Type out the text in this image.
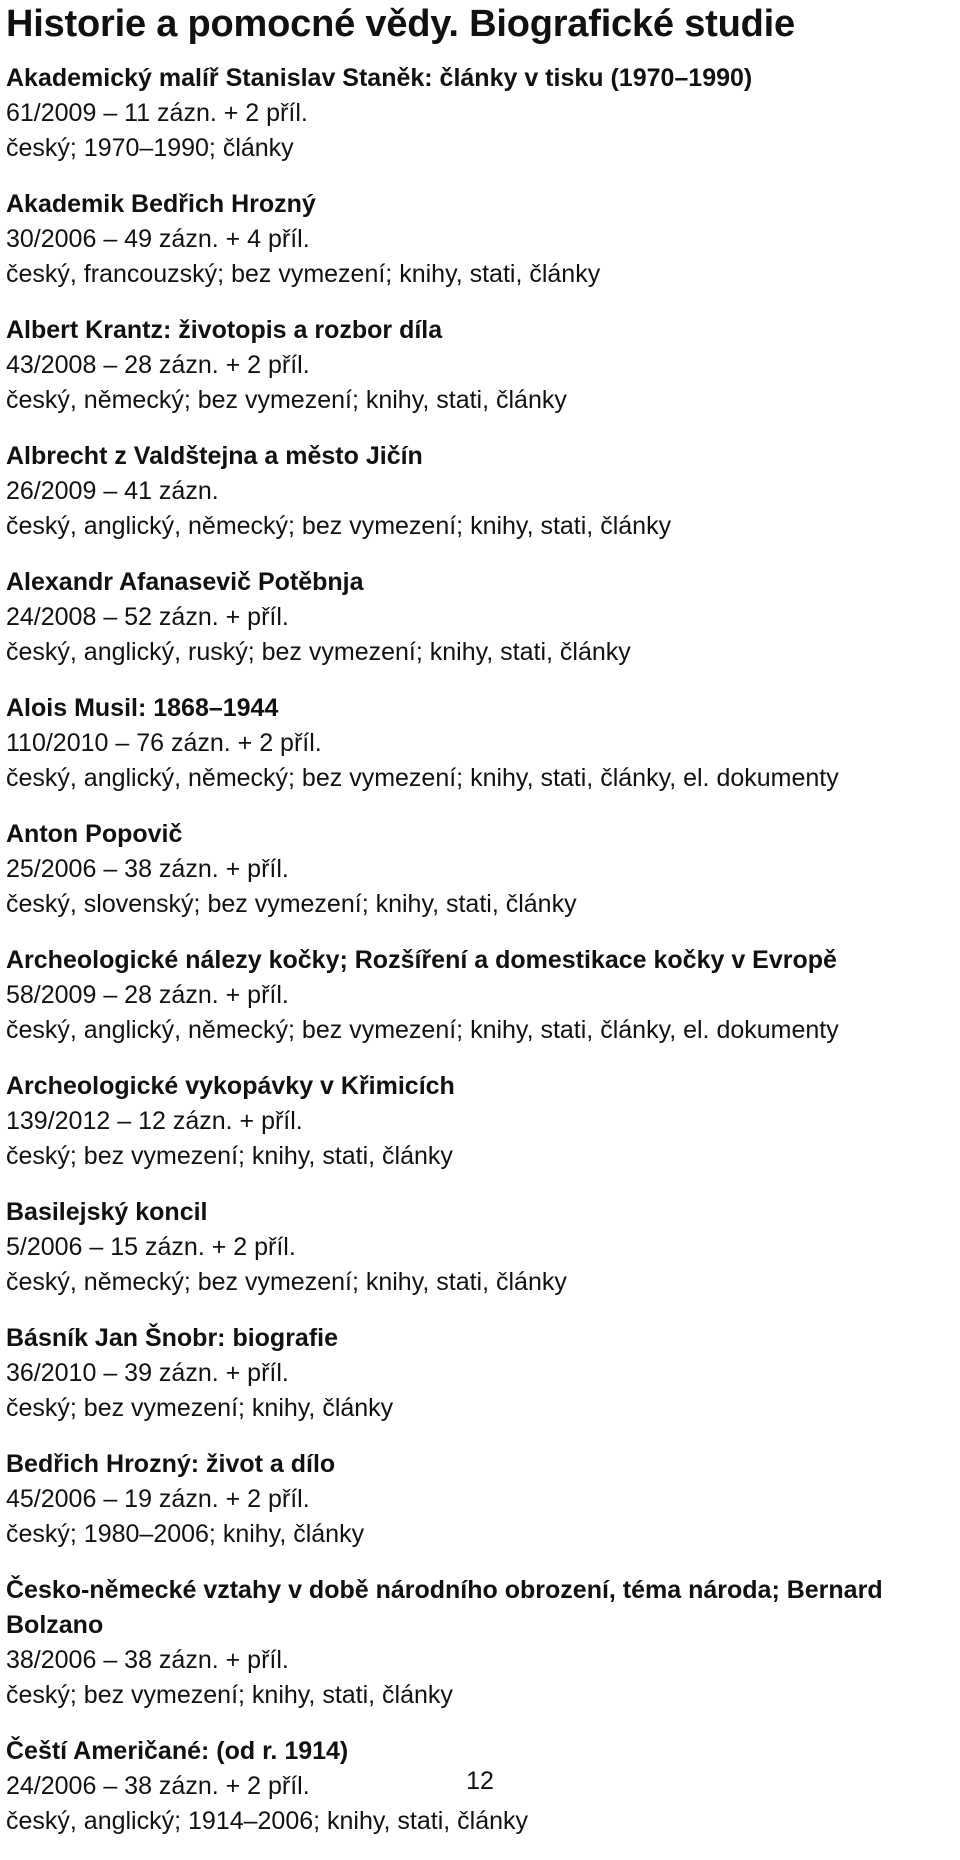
Historie a pomocné vědy. Biografické studie
Akademický malíř Stanislav Staněk: články v tisku (1970–1990)
61/2009 – 11 zázn. + 2 příl.
český; 1970–1990; články
Akademik Bedřich Hrozný
30/2006 – 49 zázn. + 4 příl.
český, francouzský; bez vymezení; knihy, stati, články
Albert Krantz: životopis a rozbor díla
43/2008 – 28 zázn. + 2 příl.
český, německý; bez vymezení; knihy, stati, články
Albrecht z Valdštejna a město Jičín
26/2009 – 41 zázn.
český, anglický, německý; bez vymezení; knihy, stati, články
Alexandr Afanasevič Potěbnja
24/2008 – 52 zázn. + příl.
český, anglický, ruský; bez vymezení; knihy, stati, články
Alois Musil: 1868–1944
110/2010 – 76 zázn. + 2 příl.
český, anglický, německý; bez vymezení; knihy, stati, články, el. dokumenty
Anton Popovič
25/2006 – 38 zázn. + příl.
český, slovenský; bez vymezení; knihy, stati, články
Archeologické nálezy kočky; Rozšíření a domestikace kočky v Evropě
58/2009 – 28 zázn. + příl.
český, anglický, německý; bez vymezení; knihy, stati, články, el. dokumenty
Archeologické vykopávky v Křimicích
139/2012 – 12 zázn. + příl.
český; bez vymezení; knihy, stati, články
Basilejský koncil
5/2006 – 15 zázn. + 2 příl.
český, německý; bez vymezení; knihy, stati, články
Básník Jan Šnobr: biografie
36/2010 – 39 zázn. + příl.
český; bez vymezení; knihy, články
Bedřich Hrozný: život a dílo
45/2006 – 19 zázn. + 2 příl.
český; 1980–2006; knihy, články
Česko-německé vztahy v době národního obrození, téma národa; Bernard Bolzano
38/2006 – 38 zázn. + příl.
český; bez vymezení; knihy, stati, články
Čeští Američané: (od r. 1914)
24/2006 – 38 zázn. + 2 příl.
český, anglický; 1914–2006; knihy, stati, články
12
